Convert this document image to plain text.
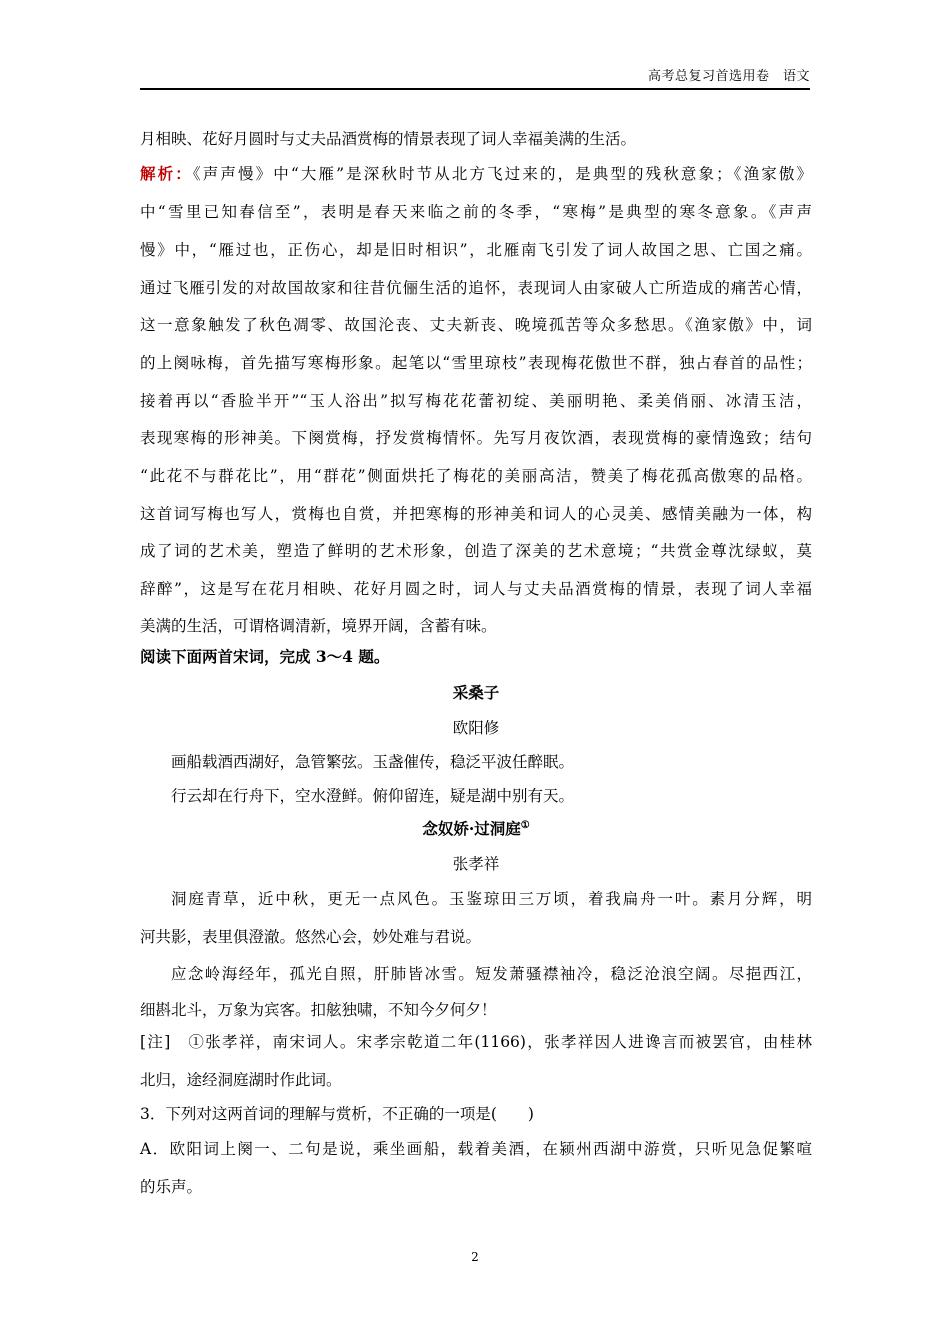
高考总复习首选用卷　语文
月相映、花好月圆时与丈夫品酒赏梅的情景表现了词人幸福美满的生活。
解析：《声声慢》中“大雁”是深秋时节从北方飞过来的，是典型的残秋意象；《渔家傲》
中“雪里已知春信至”，表明是春天来临之前的冬季，“寒梅”是典型的寒冬意象。《声声
慢》中，“雁过也，正伤心，却是旧时相识”，北雁南飞引发了词人故国之思、亡国之痛。
通过飞雁引发的对故国故家和往昔伉俪生活的追怀，表现词人由家破人亡所造成的痛苦心情，
这一意象触发了秋色凋零、故国沦丧、丈夫新丧、晚境孤苦等众多愁思。《渔家傲》中，词
的上阕咏梅，首先描写寒梅形象。起笔以“雪里琼枝”表现梅花傲世不群，独占春首的品性；
接着再以“香脸半开”“玉人浴出”拟写梅花花蕾初绽、美丽明艳、柔美俏丽、冰清玉洁，
表现寒梅的形神美。下阕赏梅，抒发赏梅情怀。先写月夜饮酒，表现赏梅的豪情逸致；结句
“此花不与群花比”，用“群花”侧面烘托了梅花的美丽高洁，赞美了梅花孤高傲寒的品格。
这首词写梅也写人，赏梅也自赏，并把寒梅的形神美和词人的心灵美、感情美融为一体，构
成了词的艺术美，塑造了鲜明的艺术形象，创造了深美的艺术意境；“共赏金尊沈绿蚁，莫
辞醉”，这是写在花月相映、花好月圆之时，词人与丈夫品酒赏梅的情景，表现了词人幸福
美满的生活，可谓格调清新，境界开阔，含蓄有味。
阅读下面两首宋词，完成 3～4 题。
采桑子
欧阳修
画船载酒西湖好，急管繁弦。玉盏催传，稳泛平波任醉眠。
行云却在行舟下，空水澄鲜。俯仰留连，疑是湖中别有天。
念奴娇·过洞庭①
张孝祥
洞庭青草，近中秋，更无一点风色。玉鉴琼田三万顷，着我扁舟一叶。素月分辉，明
河共影，表里俱澄澈。悠然心会，妙处难与君说。
应念岭海经年，孤光自照，肝肺皆冰雪。短发萧骚襟袖冷，稳泛沧浪空阔。尽挹西江，
细斟北斗，万象为宾客。扣舷独啸，不知今夕何夕！
[注]　①张孝祥，南宋词人。宋孝宗乾道二年(1166)，张孝祥因人进谗言而被罢官，由桂林
北归，途经洞庭湖时作此词。
3．下列对这两首词的理解与赏析，不正确的一项是(　　)
A．欧阳词上阕一、二句是说，乘坐画船，载着美酒，在颍州西湖中游赏，只听见急促繁喧
的乐声。
2
